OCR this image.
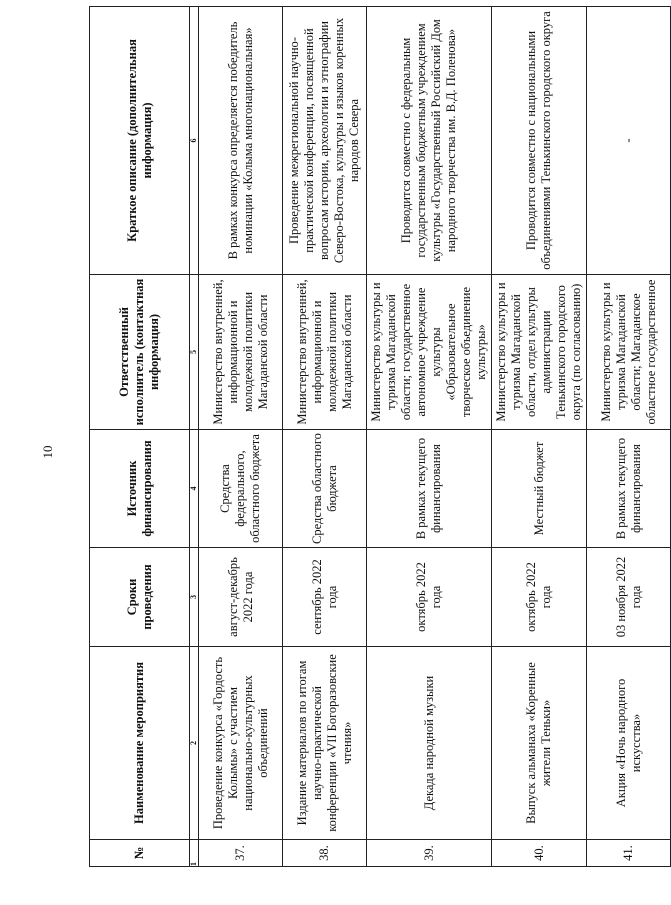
10
№	Наименование мероприятия	Сроки проведения	Источник финансирования	Ответственный исполнитель (контактная информация)	Краткое описание (дополнительная информация)
1	2	3	4	5	6
37.	Проведение конкурса «Гордость Колымы» с участием национально-культурных объединений	август-декабрь 2022 года	Средства федерального, областного бюджета	Министерство внутренней, информационной и молодежной политики Магаданской области	В рамках конкурса определяется победитель номинации «Колыма многонациональная»
38.	Издание материалов по итогам научно-практической конференции «VII Богоразовские чтения»	сентябрь 2022 года	Средства областного бюджета	Министерство внутренней, информационной и молодежной политики Магаданской области	Проведение межрегиональной научно-практической конференции, посвященной вопросам истории, археологии и этнографии Северо-Востока, культуры и языков коренных народов Севера
39.	Декада народной музыки	октябрь 2022 года	В рамках текущего финансирования	Министерство культуры и туризма Магаданской области; государственное автономное учреждение культуры «Образовательное творческое объединение культуры»	Проводится совместно с федеральным государственным бюджетным учреждением культуры «Государственный Российский Дом народного творчества им. В.Д. Поленова»
40.	Выпуск альманаха «Коренные жители Теньки»	октябрь 2022 года	Местный бюджет	Министерство культуры и туризма Магаданской области, отдел культуры администрации Тенькинского городского округа (по согласованию)	Проводится совместно с национальными объединениями Тенькинского городского округа
41.	Акция «Ночь народного искусства»	03 ноября 2022 года	В рамках текущего финансирования	Министерство культуры и туризма Магаданской области; Магаданское областное государственное	-
